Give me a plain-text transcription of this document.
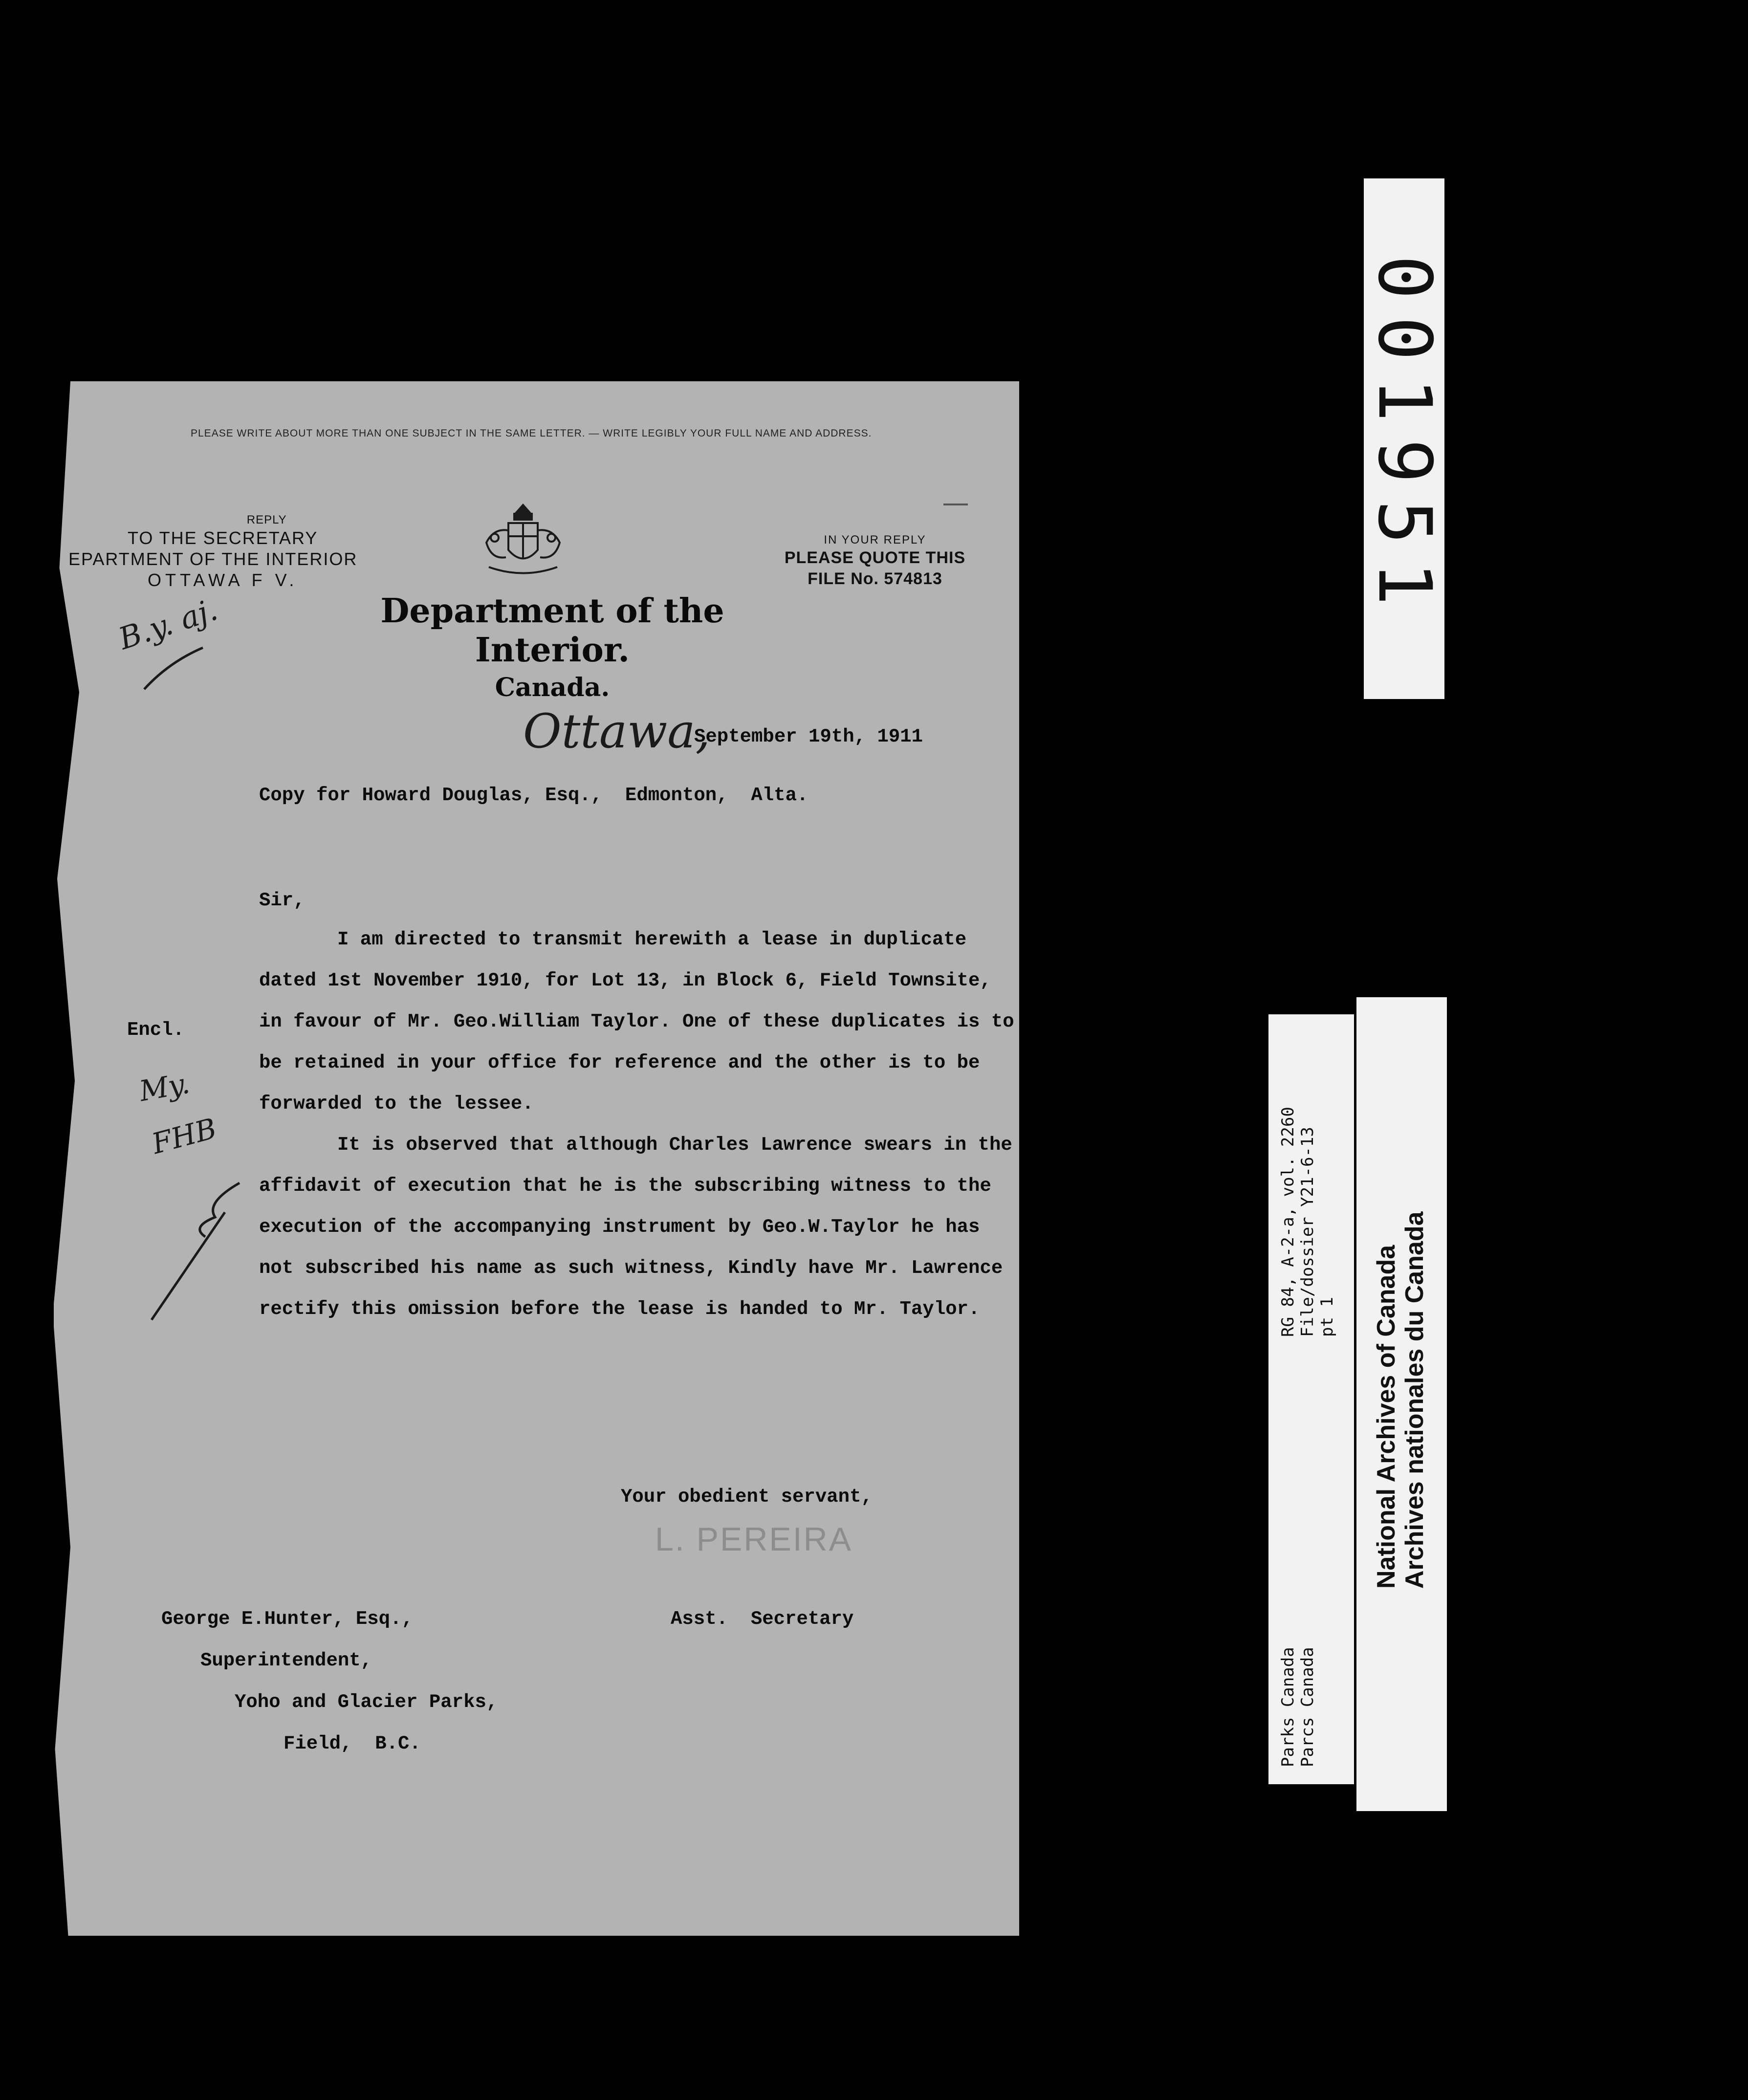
PLEASE WRITE ABOUT MORE THAN ONE SUBJECT IN THE SAME LETTER. — WRITE LEGIBLY YOUR FULL NAME AND ADDRESS.
REPLY
TO THE SECRETARY
EPARTMENT OF THE INTERIOR
OTTAWA F V.
Department of the Interior.
Canada.
IN YOUR REPLY
PLEASE QUOTE THIS
FILE No. 574813
B.y. aj.
Ottawa,
September 19th, 1911
Copy for Howard Douglas, Esq.,  Edmonton,  Alta.
Sir,

I am directed to transmit herewith a lease in duplicate dated 1st November 1910, for Lot 13, in Block 6, Field Townsite, in favour of Mr. Geo.William Taylor. One of these duplicates is to be retained in your office for reference and the other is to be forwarded to the lessee.

It is observed that although Charles Lawrence swears in the affidavit of execution that he is the subscribing witness to the execution of the accompanying instrument by Geo.W.Taylor he has not subscribed his name as such witness, Kindly have Mr. Lawrence rectify this omission before the lease is handed to Mr. Taylor.

Encl.
My.
FHB
Your obedient servant,
L. PEREIRA
Asst.  Secretary
George E.Hunter, Esq.,
Superintendent,
Yoho and Glacier Parks,
Field,  B.C.
001951
Parks Canada Parcs Canada
RG 84, A-2-a, vol. 2260 File/dossier Y21-6-13 pt 1 National Archives of Canada Archives nationales du Canada
